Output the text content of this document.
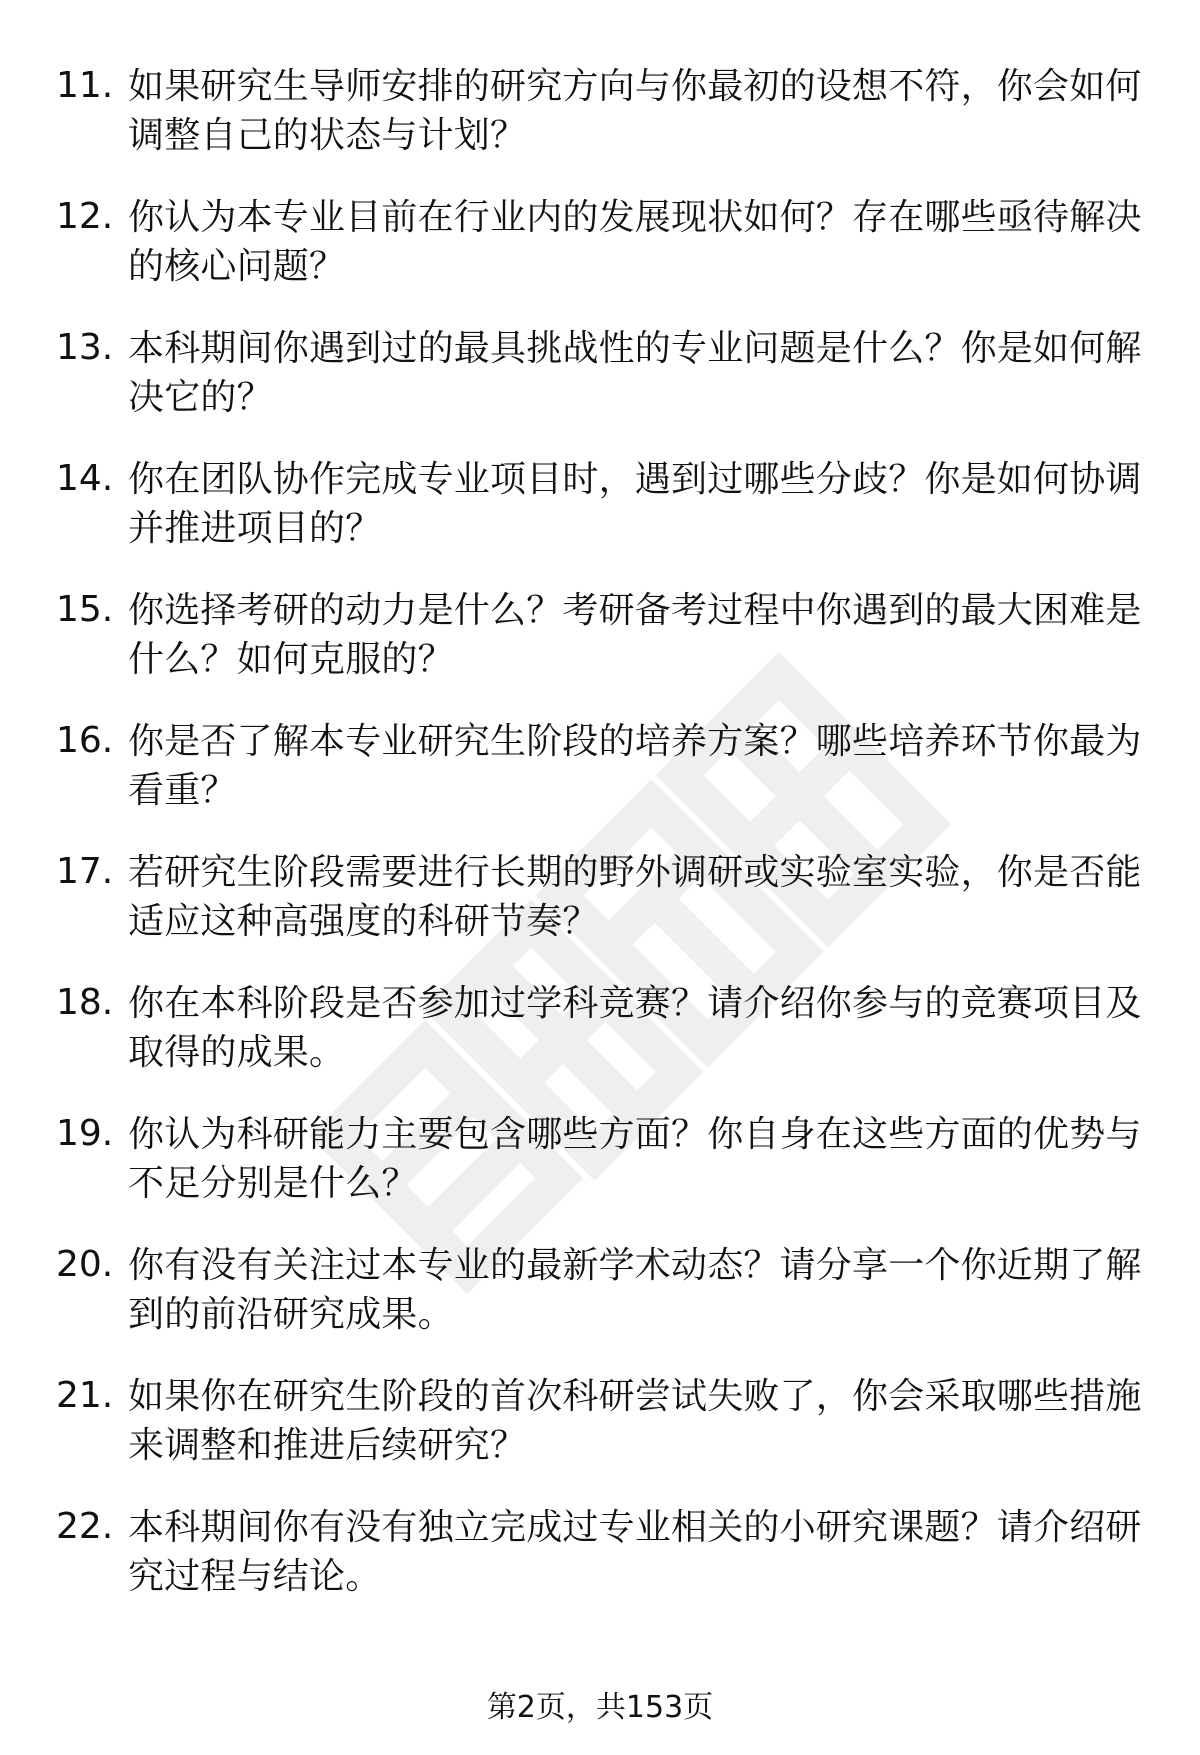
11. 如果研究生导师安排的研究方向与你最初的设想不符，你会如何调整自己的状态与计划？
12. 你认为本专业目前在行业内的发展现状如何？存在哪些亟待解决的核心问题？
13. 本科期间你遇到过的最具挑战性的专业问题是什么？你是如何解决它的？
14. 你在团队协作完成专业项目时，遇到过哪些分歧？你是如何协调并推进项目的？
15. 你选择考研的动力是什么？考研备考过程中你遇到的最大困难是什么？如何克服的？
16. 你是否了解本专业研究生阶段的培养方案？哪些培养环节你最为看重？
17. 若研究生阶段需要进行长期的野外调研或实验室实验，你是否能适应这种高强度的科研节奏？
18. 你在本科阶段是否参加过学科竞赛？请介绍你参与的竞赛项目及取得的成果。
19. 你认为科研能力主要包含哪些方面？你自身在这些方面的优势与不足分别是什么？
20. 你有没有关注过本专业的最新学术动态？请分享一个你近期了解到的前沿研究成果。
21. 如果你在研究生阶段的首次科研尝试失败了，你会采取哪些措施来调整和推进后续研究？
22. 本科期间你有没有独立完成过专业相关的小研究课题？请介绍研究过程与结论。
第2页，共153页
